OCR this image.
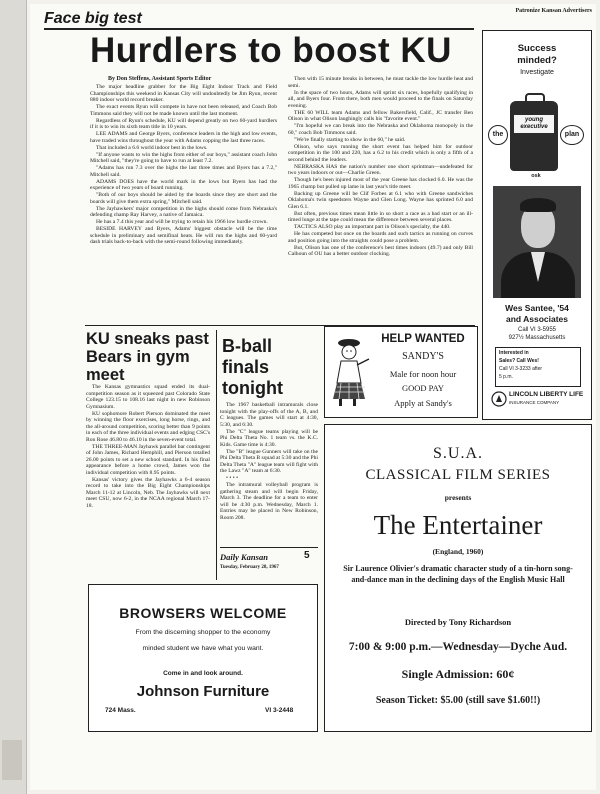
Face big test	Patronize Kansan Advertisers
Hurdlers to boost KU
By Don Steffens, Assistant Sports Editor

The major headline grabber for the Big Eight Indoor Track and Field Championships this weekend in Kansas City will undoubtedly be Jim Ryun, recent 880 indoor world record breaker.

The exact events Ryun will compete in have not been released, and Coach Bob Timmons said they will not be made known until the last moment.

Regardless of Ryun's schedule, KU will depend greatly on two 60-yard hurdlers if it is to win its sixth team title in 10 years.

LEE ADAMS and George Byers, conference leaders in the high and low events, have traded wins throughout the year with Adams copping the last three races.

That included a 6.6 world indoor best in the lows.

"If anyone wants to win the highs from either of our boys," assistant coach John Mitchell said, "they're going to have to run at least 7.2.

"Adams has run 7.3 over the highs the last three times and Byers has a 7.2," Mitchell said.

ADAMS DOES have the world mark in the lows but Byers has had the experience of two years of board running.

"Both of our boys should be aided by the boards since they are short and the boards will give them extra spring," Mitchell said.

The Jayhawkers' major competition in the highs should come from Nebraska's defending champ Ray Harvey, a native of Jamaica.

He has a 7.4 this year and will be trying to retain his 1966 low hurdle crown.

BESIDE HARVEY and Byers, Adams' biggest obstacle will be the time schedule in preliminary and semifinal heats. He will run the highs and 60-yard dash trials back-to-back with the semi-round following immediately.

Then with 15 minute breaks in between, he must tackle the low hurdle heat and semi.

In the space of two hours, Adams will sprint six races, hopefully qualifying in all, and Byers four. From there, both men would proceed to the finals on Saturday evening.

THE 60 WILL team Adams and fellow Bakersfield, Calif., JC transfer Ben Olison in what Olison laughingly calls his "favorite event."

"I'm hopeful we can break into the Nebraska and Oklahoma monopoly in the 60," coach Bob Timmons said.

"We're finally starting to show in the 60," he said.

Olison, who says running the short event has helped him for outdoor competition in the 100 and 220, has a 6.2 to his credit which is only a fifth of a second behind the leaders.

NEBRASKA HAS the nation's number one short sprintman—undefeated for two years indoors or out—Charlie Green.

Though he's been injured most of the year Greene has clocked 6.0. He was the 1965 champ but pulled up lame in last year's title meet.

Backing up Greene will be Clif Forbes at 6.1 who with Greene sandwiches Oklahoma's twin speedsters Wayne and Glen Long. Wayne has sprinted 6.0 and Glen 6.1.

But often, previous times mean little in so short a race as a bad start or an ill-timed lunge at the tape could mean the difference between several places.

TACTICS ALSO play an important part in Olison's specialty, the 440.

He has competed but once on the boards and such tactics as running on curves and position going into the straights could pose a problem.

But, Olison has one of the conference's best times indoors (49.7) and only Bill Calhoun of OU has a better outdoor clocking.

Success
minded?
Investigate
the
young executive
plan
osk
Wes Santee, '54
and Associates
Call VI 3-5955
927½ Massachusetts
Interested in
Sales? Call Wes!
Call VI 3-3233 after
5 p.m.
LINCOLN LIBERTY LIFE
INSURANCE COMPANY
KU sneaks past Bears in gym meet

The Kansas gymnastics squad ended its dual-competition season as it squeezed past Colorado State College 123.15 to 108.16 last night in new Robinson Gymnasium.

KU sophomore Robert Pierson dominated the meet by winning the floor exercises, long horse, rings, and the all-around competition, scoring better than 9 points in each of the three individual events and edging CSC's Ron Rose 46.80 to 46.10 in the seven-event total.

THE THREE-MAN Jayhawk parallel bar contingent of John James, Richard Hemphill, and Pierson totalled 26.00 points to set a new school standard. In his final appearance before a home crowd, James won the individual competition with 8.95 points.

Kansas' victory gives the Jayhawks a 6-4 season record to take into the Big Eight Championships March 11-12 at Lincoln, Neb. The Jayhawks will next meet CSU, now 6-2, in the NCAA regional March 17-18.

B-ball finals tonight

The 1967 basketball intramurals close tonight with the play-offs of the A, B, and C leagues. The games will start at 4:30, 5:30, and 6:30.

The "C" league teams playing will be Phi Delta Theta No. 1 team vs. the K.C. Kids. Game time is 4:30.

The "B" league Gunners will take on the Phi Delta Theta B squad at 5:30 and the Phi Delta Theta "A" league team will fight with the Lawz "A" team at 6:30.

• • • •

The intramural volleyball program is gathering steam and will begin Friday, March 3. The deadline for a team to enter will be 4:30 p.m. Wednesday, March 1. Entries may be placed in New Robinson, Room 208.

Daily Kansan	5
Tuesday, February 28, 1967
HELP WANTED
SANDY'S
Male for noon hour
GOOD PAY
Apply at Sandy's
S.U.A.
CLASSICAL FILM SERIES
presents
The Entertainer
(England, 1960)
Sir Laurence Olivier's dramatic character study of a tin-horn song-and-dance man in the declining days of the English Music Hall
Directed by Tony Richardson
7:00 & 9:00 p.m.—Wednesday—Dyche Aud.
Single Admission: 60¢
Season Ticket: $5.00 (still save $1.60!!)
BROWSERS WELCOME
From the discerning shopper to the economy
minded student we have what you want.
Come in and look around.
Johnson Furniture
724 Mass.	VI 3-2448
